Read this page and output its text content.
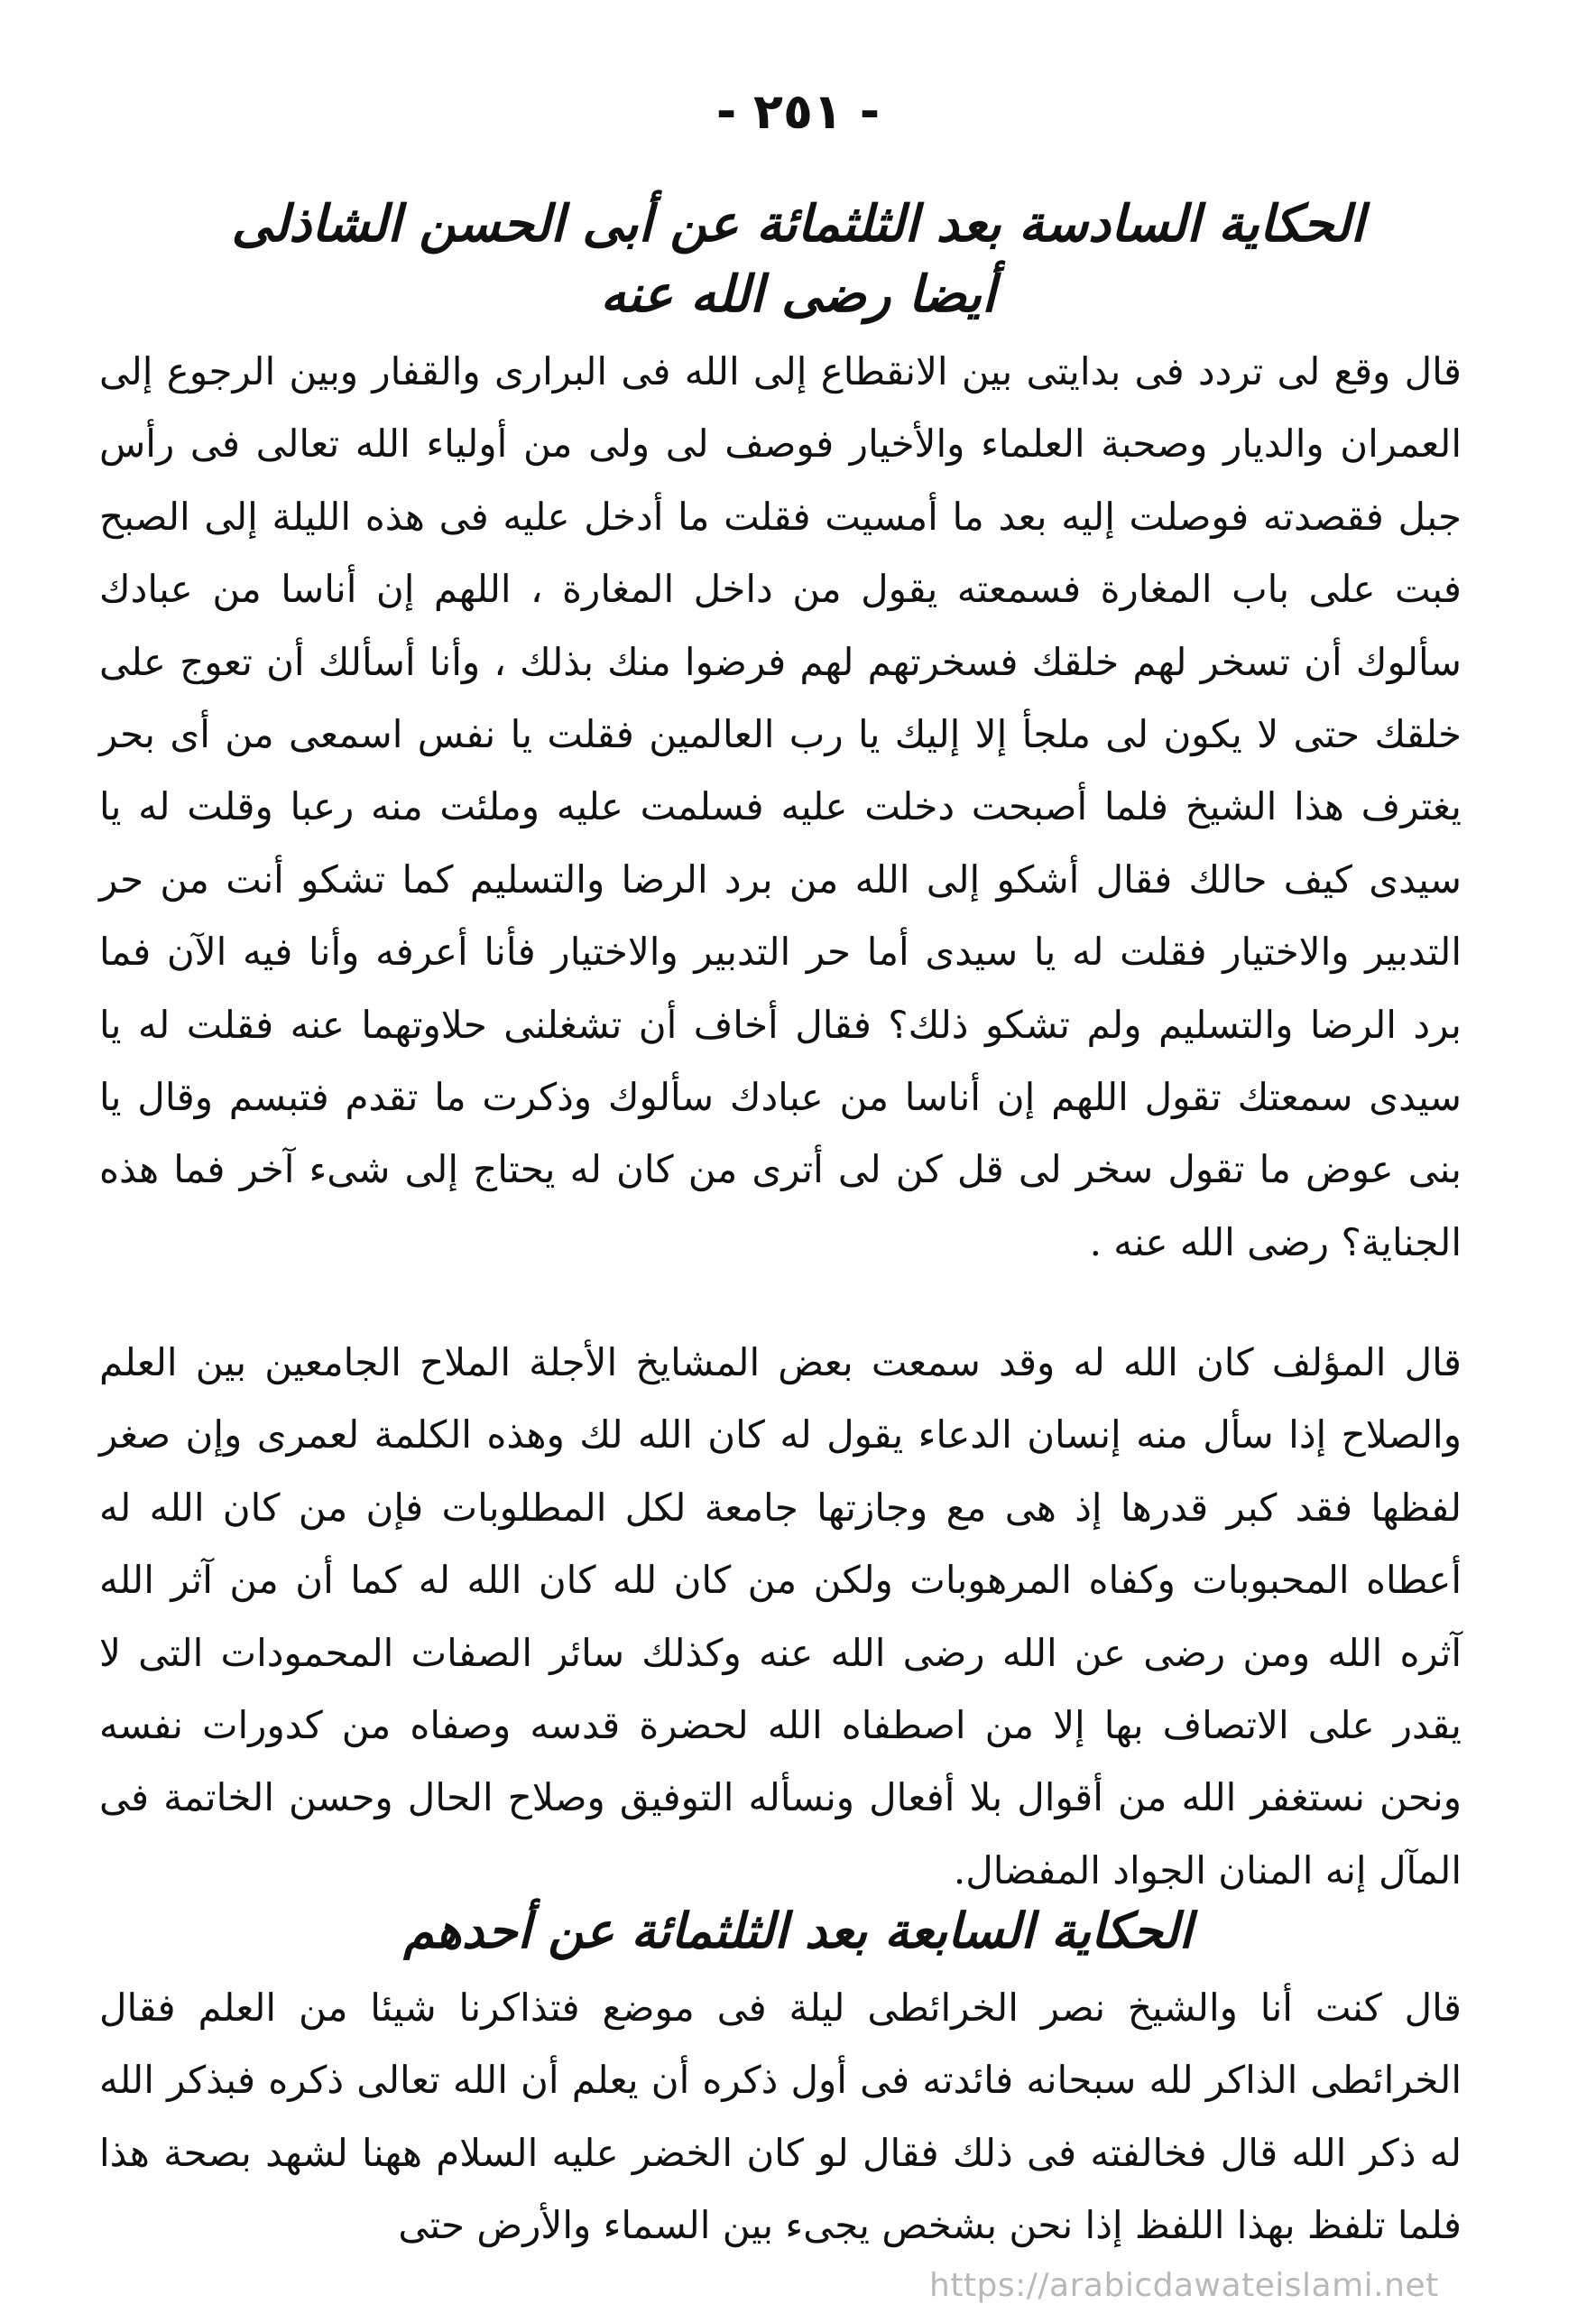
- ٢٥١ -
الحكاية السادسة بعد الثلثمائة عن أبى الحسن الشاذلى
أيضا رضى الله عنه

قال وقع لى تردد فى بدايتى بين الانقطاع إلى الله فى البرارى والقفار وبين الرجوع إلى العمران والديار وصحبة العلماء والأخيار فوصف لى ولى من أولياء الله تعالى فى رأس جبل فقصدته فوصلت إليه بعد ما أمسيت فقلت ما أدخل عليه فى هذه الليلة إلى الصبح فبت على باب المغارة فسمعته يقول من داخل المغارة ، اللهم إن أناسا من عبادك سألوك أن تسخر لهم خلقك فسخرتهم لهم فرضوا منك بذلك ، وأنا أسألك أن تعوج على خلقك حتى لا يكون لى ملجأ إلا إليك يا رب العالمين فقلت يا نفس اسمعى من أى بحر يغترف هذا الشيخ فلما أصبحت دخلت عليه فسلمت عليه وملئت منه رعبا وقلت له يا سيدى كيف حالك فقال أشكو إلى الله من برد الرضا والتسليم كما تشكو أنت من حر التدبير والاختيار فقلت له يا سيدى أما حر التدبير والاختيار فأنا أعرفه وأنا فيه الآن فما برد الرضا والتسليم ولم تشكو ذلك؟ فقال أخاف أن تشغلنى حلاوتهما عنه فقلت له يا سيدى سمعتك تقول اللهم إن أناسا من عبادك سألوك وذكرت ما تقدم فتبسم وقال يا بنى عوض ما تقول سخر لى قل كن لى أترى من كان له يحتاج إلى شىء آخر فما هذه الجناية؟ رضى الله عنه .

قال المؤلف كان الله له وقد سمعت بعض المشايخ الأجلة الملاح الجامعين بين العلم والصلاح إذا سأل منه إنسان الدعاء يقول له كان الله لك وهذه الكلمة لعمرى وإن صغر لفظها فقد كبر قدرها إذ هى مع وجازتها جامعة لكل المطلوبات فإن من كان الله له أعطاه المحبوبات وكفاه المرهوبات ولكن من كان لله كان الله له كما أن من آثر الله آثره الله ومن رضى عن الله رضى الله عنه وكذلك سائر الصفات المحمودات التى لا يقدر على الاتصاف بها إلا من اصطفاه الله لحضرة قدسه وصفاه من كدورات نفسه ونحن نستغفر الله من أقوال بلا أفعال ونسأله التوفيق وصلاح الحال وحسن الخاتمة فى المآل إنه المنان الجواد المفضال.

الحكاية السابعة بعد الثلثمائة عن أحدهم

قال كنت أنا والشيخ نصر الخرائطى ليلة فى موضع فتذاكرنا شيئا من العلم فقال الخرائطى الذاكر لله سبحانه فائدته فى أول ذكره أن يعلم أن الله تعالى ذكره فبذكر الله له ذكر الله قال فخالفته فى ذلك فقال لو كان الخضر عليه السلام ههنا لشهد بصحة هذا فلما تلفظ بهذا اللفظ إذا نحن بشخص يجىء بين السماء والأرض حتى

https://arabicdawateislami.net
